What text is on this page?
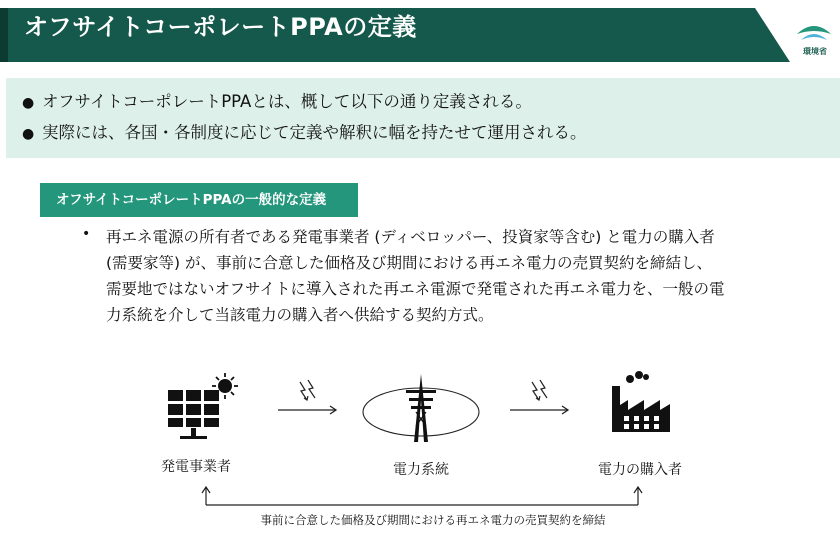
オフサイトコーポレートPPAの定義
環境省
● オフサイトコーポレートPPAとは、概して以下の通り定義される。
● 実際には、各国・各制度に応じて定義や解釈に幅を持たせて運用される。
オフサイトコーポレートPPAの一般的な定義
• 再エネ電源の所有者である発電事業者 (ディベロッパー、投資家等含む) と電力の購入者
(需要家等) が、事前に合意した価格及び期間における再エネ電力の売買契約を締結し、
需要地ではないオフサイトに導入された再エネ電源で発電された再エネ電力を、一般の電
力系統を介して当該電力の購入者へ供給する契約方式。
発電事業者	電力系統	電力の購入者
事前に合意した価格及び期間における再エネ電力の売買契約を締結
